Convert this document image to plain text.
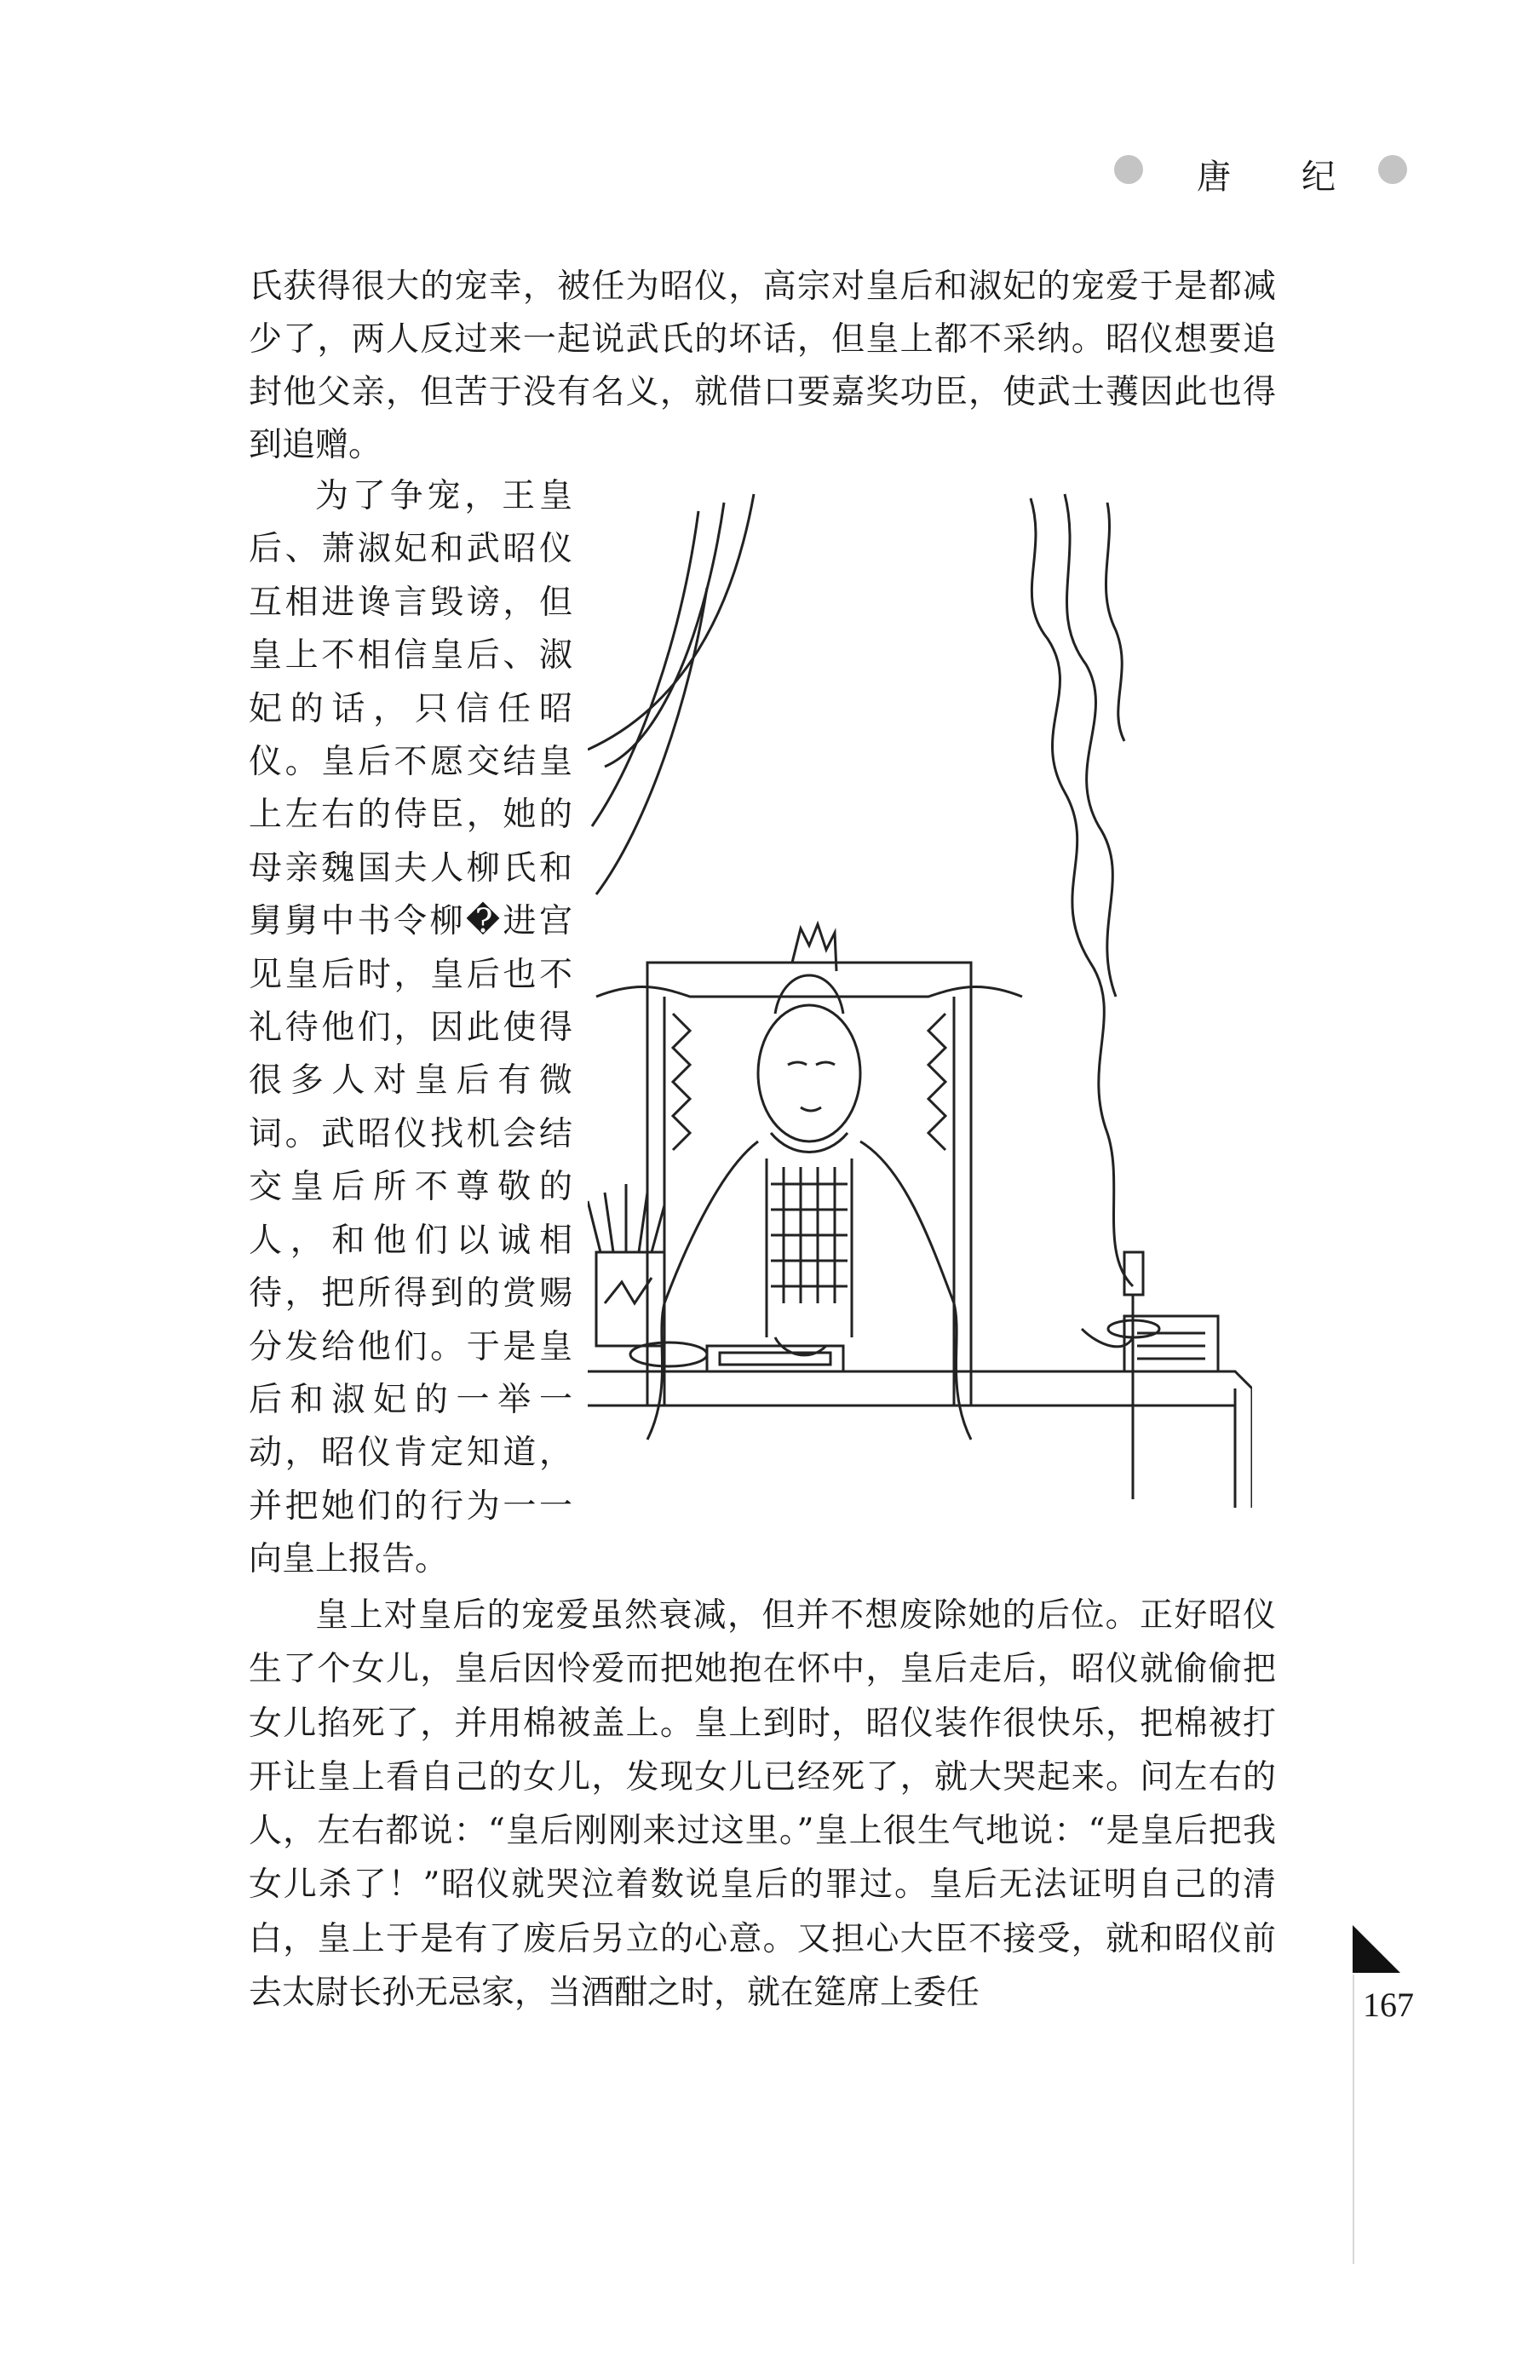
唐 纪

氏获得很大的宠幸，被任为昭仪，高宗对皇后和淑妃的宠爱于是都减少了，两人反过来一起说武氏的坏话，但皇上都不采纳。昭仪想要追封他父亲，但苦于没有名义，就借口要嘉奖功臣，使武士彟因此也得到追赠。

为了争宠，王皇后、萧淑妃和武昭仪互相进谗言毁谤，但皇上不相信皇后、淑妃的话，只信任昭仪。皇后不愿交结皇上左右的侍臣，她的母亲魏国夫人柳氏和舅舅中书令柳�进宫见皇后时，皇后也不礼待他们，因此使得很多人对皇后有微词。武昭仪找机会结交皇后所不尊敬的人，和他们以诚相待，把所得到的赏赐分发给他们。于是皇后和淑妃的一举一动，昭仪肯定知道，并把她们的行为一一向皇上报告。

皇上对皇后的宠爱虽然衰减，但并不想废除她的后位。正好昭仪生了个女儿，皇后因怜爱而把她抱在怀中，皇后走后，昭仪就偷偷把女儿掐死了，并用棉被盖上。皇上到时，昭仪装作很快乐，把棉被打开让皇上看自己的女儿，发现女儿已经死了，就大哭起来。问左右的人，左右都说：“皇后刚刚来过这里。”皇上很生气地说：“是皇后把我女儿杀了！”昭仪就哭泣着数说皇后的罪过。皇后无法证明自己的清白，皇上于是有了废后另立的心意。又担心大臣不接受，就和昭仪前去太尉长孙无忌家，当酒酣之时，就在筵席上委任	167
